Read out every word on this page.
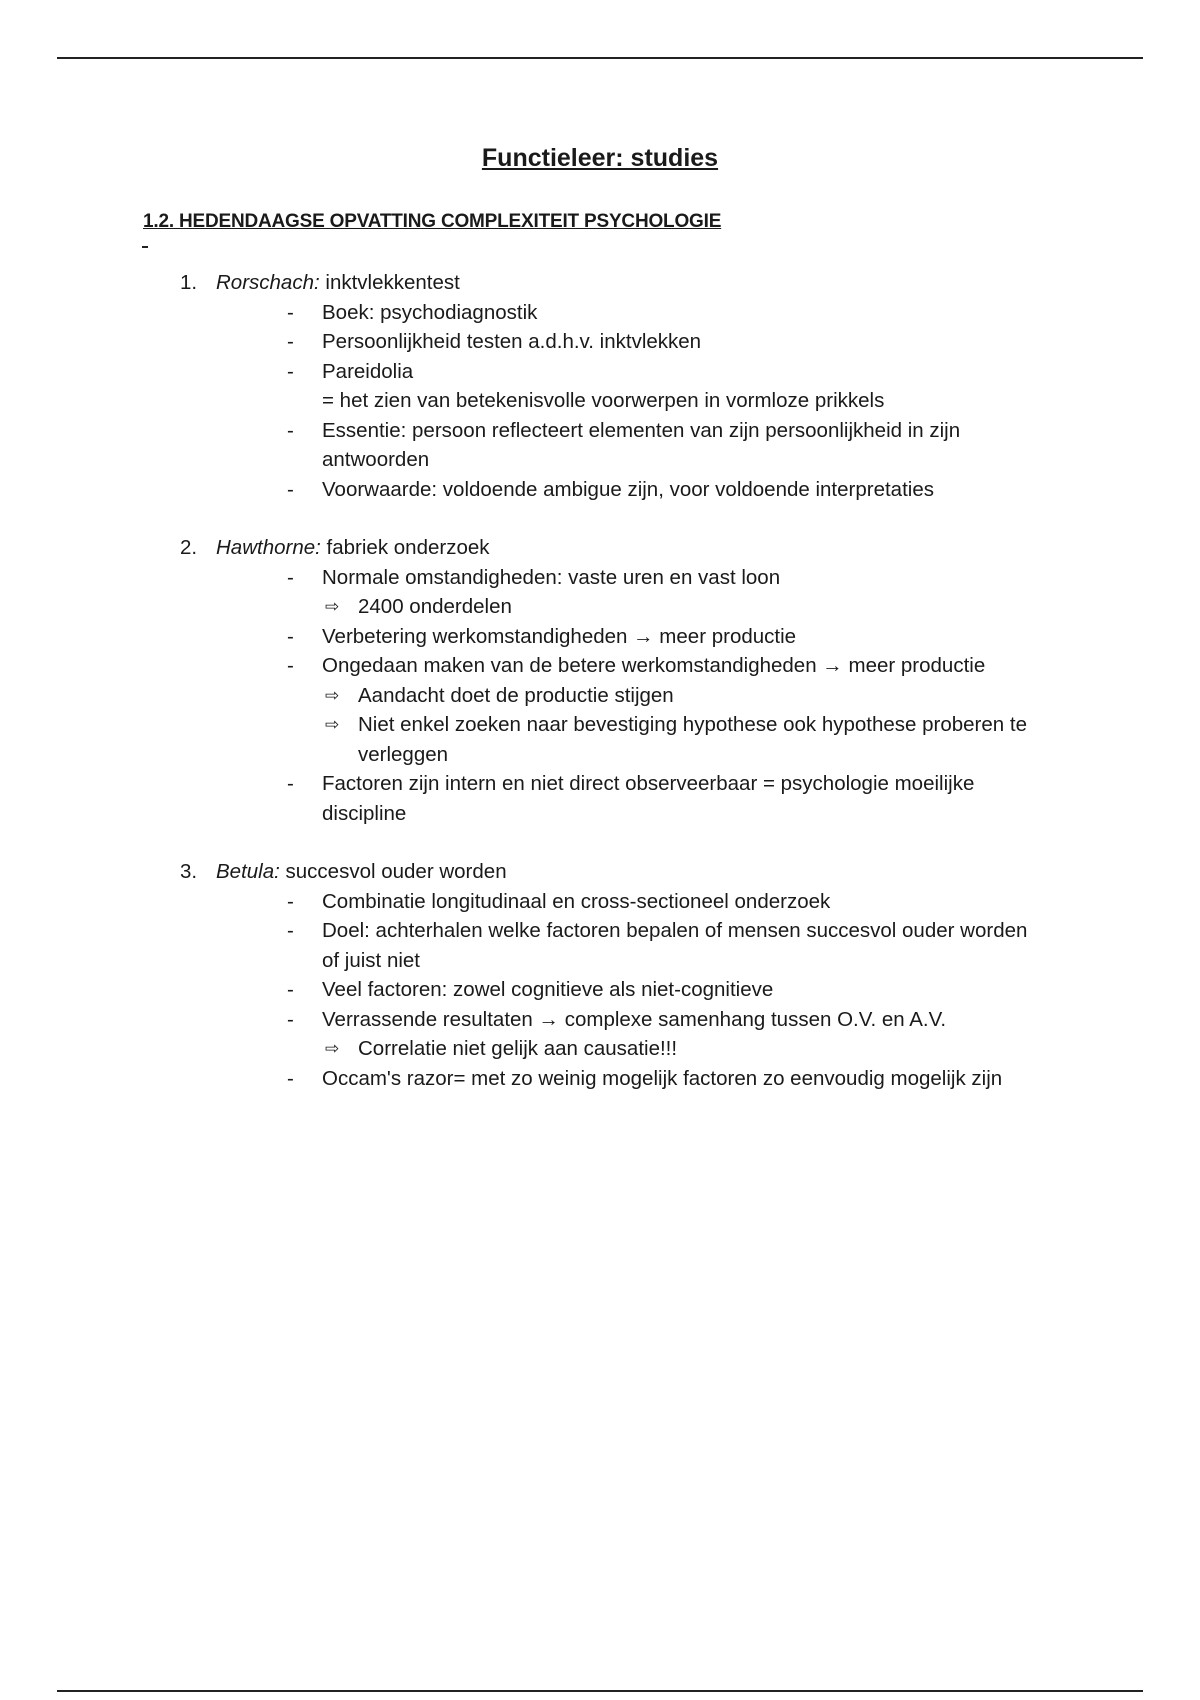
Functieleer: studies
1.2. HEDENDAAGSE OPVATTING COMPLEXITEIT PSYCHOLOGIE
1. Rorschach: inktvlekkentest
- Boek: psychodiagnostik
- Persoonlijkheid testen a.d.h.v. inktvlekken
- Pareidolia
= het zien van betekenisvolle voorwerpen in vormloze prikkels
- Essentie: persoon reflecteert elementen van zijn persoonlijkheid in zijn antwoorden
- Voorwaarde: voldoende ambigue zijn, voor voldoende interpretaties
2. Hawthorne: fabriek onderzoek
- Normale omstandigheden: vaste uren en vast loon
⇨ 2400 onderdelen
- Verbetering werkomstandigheden → meer productie
- Ongedaan maken van de betere werkomstandigheden → meer productie
⇨ Aandacht doet de productie stijgen
⇨ Niet enkel zoeken naar bevestiging hypothese ook hypothese proberen te verleggen
- Factoren zijn intern en niet direct observeerbaar = psychologie moeilijke discipline
3. Betula: succesvol ouder worden
- Combinatie longitudinaal en cross-sectioneel onderzoek
- Doel: achterhalen welke factoren bepalen of mensen succesvol ouder worden of juist niet
- Veel factoren: zowel cognitieve als niet-cognitieve
- Verrassende resultaten → complexe samenhang tussen O.V. en A.V.
⇨ Correlatie niet gelijk aan causatie!!!
- Occam's razor= met zo weinig mogelijk factoren zo eenvoudig mogelijk zijn
